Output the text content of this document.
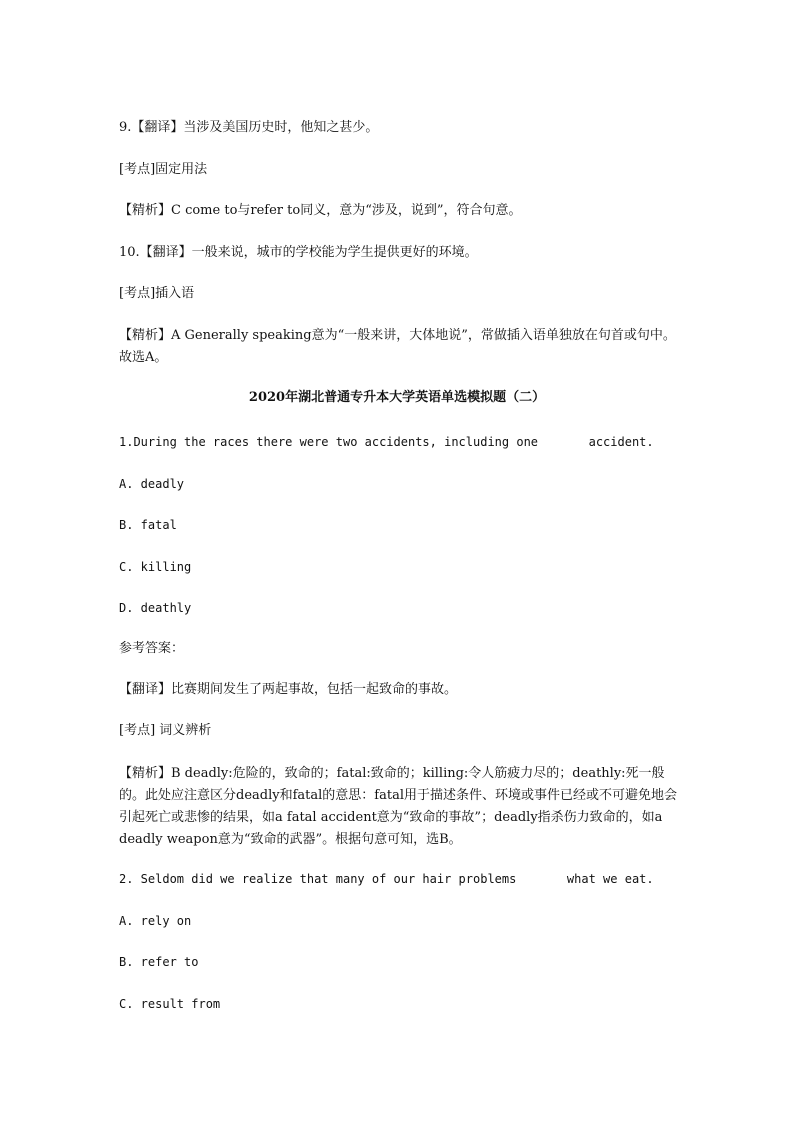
9.【翻译】当涉及美国历史时，他知之甚少。
[考点]固定用法
【精析】C come to与refer to同义，意为“涉及，说到”，符合句意。
10.【翻译】一般来说，城市的学校能为学生提供更好的环境。
[考点]插入语
【精析】A Generally speaking意为“一般来讲，大体地说”，常做插入语单独放在句首或句中。故选A。
2020年湖北普通专升本大学英语单选模拟题（二）
1.During the races there were two accidents, including one       accident.
A. deadly
B. fatal
C. killing
D. deathly
参考答案：
【翻译】比赛期间发生了两起事故，包括一起致命的事故。
[考点] 词义辨析
【精析】B deadly:危险的，致命的；fatal:致命的；killing:令人筋疲力尽的；deathly:死一般的。此处应注意区分deadly和fatal的意思：fatal用于描述条件、环境或事件已经或不可避免地会引起死亡或悲惨的结果，如a fatal accident意为“致命的事故”；deadly指杀伤力致命的，如a deadly weapon意为“致命的武器”。根据句意可知，选B。
2. Seldom did we realize that many of our hair problems       what we eat.
A. rely on
B. refer to
C. result from
